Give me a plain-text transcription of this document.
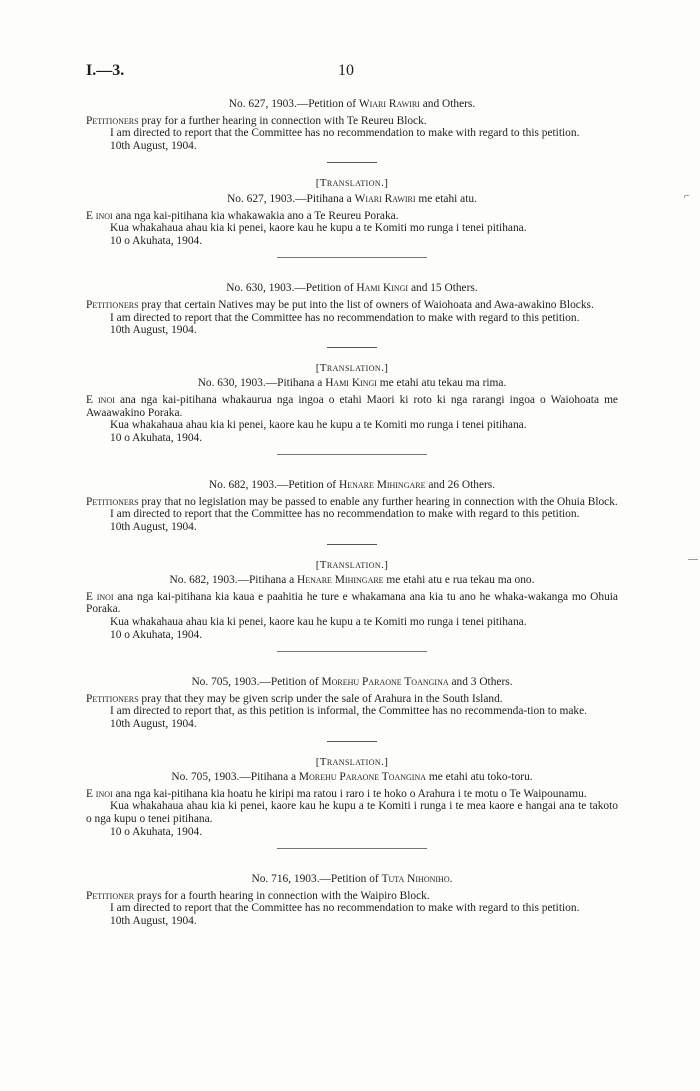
I.—3.	10

No. 627, 1903.—Petition of Wiari Rawiri and Others.

Petitioners pray for a further hearing in connection with Te Reureu Block.

I am directed to report that the Committee has no recommendation to make with regard to this petition.

10th August, 1904.

[Translation.]

No. 627, 1903.—Pitihana a Wiari Rawiri me etahi atu.

E inoi ana nga kai-pitihana kia whakawakia ano a Te Reureu Poraka.

Kua whakahaua ahau kia ki penei, kaore kau he kupu a te Komiti mo runga i tenei pitihana.

10 o Akuhata, 1904.

No. 630, 1903.—Petition of Hami Kingi and 15 Others.

Petitioners pray that certain Natives may be put into the list of owners of Waiohoata and Awa-awakino Blocks.

I am directed to report that the Committee has no recommendation to make with regard to this petition.

10th August, 1904.

[Translation.]

No. 630, 1903.—Pitihana a Hami Kingi me etahi atu tekau ma rima.

E inoi ana nga kai-pitihana whakaurua nga ingoa o etahi Maori ki roto ki nga rarangi ingoa o Waiohoata me Awaawakino Poraka.

Kua whakahaua ahau kia ki penei, kaore kau he kupu a te Komiti mo runga i tenei pitihana.

10 o Akuhata, 1904.

No. 682, 1903.—Petition of Henare Mihingare and 26 Others.

Petitioners pray that no legislation may be passed to enable any further hearing in connection with the Ohuia Block.

I am directed to report that the Committee has no recommendation to make with regard to this petition.

10th August, 1904.

[Translation.]

No. 682, 1903.—Pitihana a Henare Mihingare me etahi atu e rua tekau ma ono.

E inoi ana nga kai-pitihana kia kaua e paahitia he ture e whakamana ana kia tu ano he whaka-wakanga mo Ohuia Poraka.

Kua whakahaua ahau kia ki penei, kaore kau he kupu a te Komiti mo runga i tenei pitihana.

10 o Akuhata, 1904.

No. 705, 1903.—Petition of Morehu Paraone Toangina and 3 Others.

Petitioners pray that they may be given scrip under the sale of Arahura in the South Island.

I am directed to report that, as this petition is informal, the Committee has no recommenda-tion to make.

10th August, 1904.

[Translation.]

No. 705, 1903.—Pitihana a Morehu Paraone Toangina me etahi atu toko-toru.

E inoi ana nga kai-pitihana kia hoatu he kiripi ma ratou i raro i te hoko o Arahura i te motu o Te Waipounamu.

Kua whakahaua ahau kia ki penei, kaore kau he kupu a te Komiti i runga i te mea kaore e hangai ana te takoto o nga kupu o tenei pitihana.

10 o Akuhata, 1904.

No. 716, 1903.—Petition of Tuta Nihoniho.

Petitioner prays for a fourth hearing in connection with the Waipiro Block.

I am directed to report that the Committee has no recommendation to make with regard to this petition.

10th August, 1904.

⌐
—
